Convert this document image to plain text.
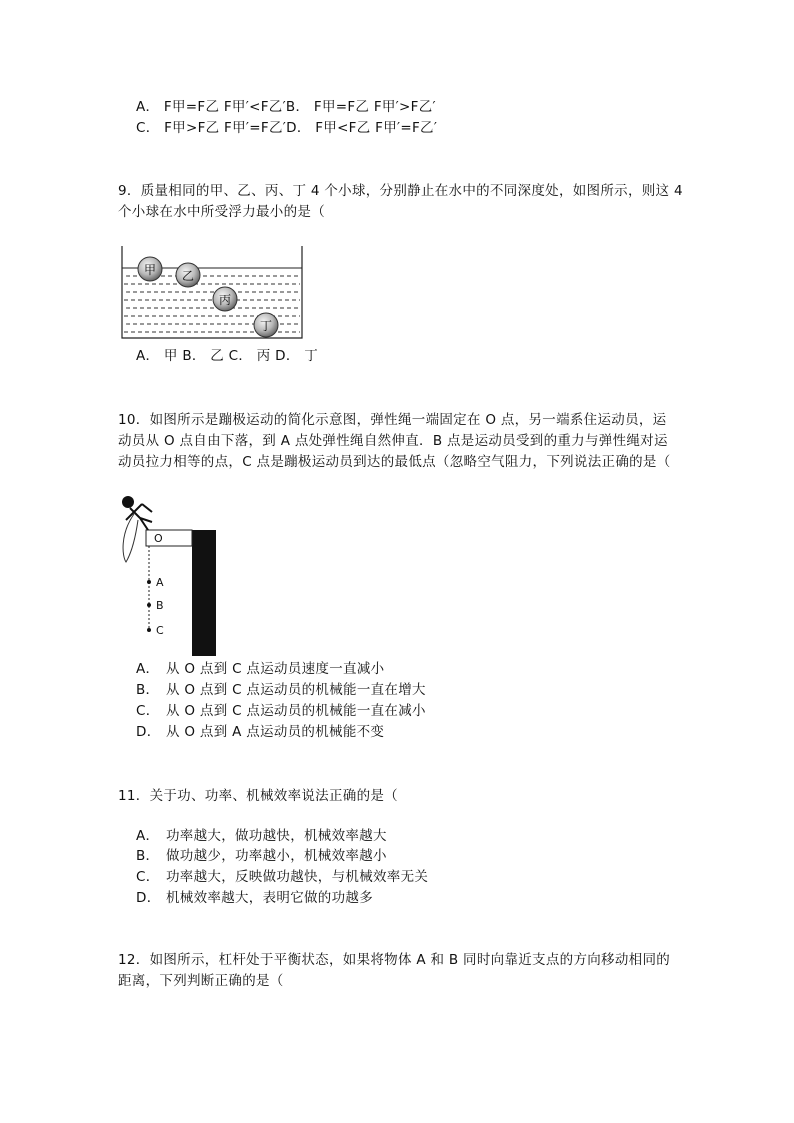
A． F甲=F乙 F甲′<F乙′B． F甲=F乙 F甲′>F乙′
C． F甲>F乙 F甲′=F乙′D． F甲<F乙 F甲′=F乙′
9．质量相同的甲、乙、丙、丁 4 个小球，分别静止在水中的不同深度处，如图所示，则这 4
个小球在水中所受浮力最小的是（
甲 乙
丙
丁
A． 甲 B． 乙 C． 丙 D． 丁
10．如图所示是蹦极运动的简化示意图，弹性绳一端固定在 O 点，另一端系住运动员，运
动员从 O 点自由下落，到 A 点处弹性绳自然伸直．B 点是运动员受到的重力与弹性绳对运
动员拉力相等的点，C 点是蹦极运动员到达的最低点（忽略空气阻力，下列说法正确的是（
O
A
B
C
A． 从 O 点到 C 点运动员速度一直减小
B． 从 O 点到 C 点运动员的机械能一直在增大
C． 从 O 点到 C 点运动员的机械能一直在减小
D． 从 O 点到 A 点运动员的机械能不变
11．关于功、功率、机械效率说法正确的是（
A． 功率越大，做功越快，机械效率越大
B． 做功越少，功率越小，机械效率越小
C． 功率越大，反映做功越快，与机械效率无关
D． 机械效率越大，表明它做的功越多
12．如图所示，杠杆处于平衡状态，如果将物体 A 和 B 同时向靠近支点的方向移动相同的
距离，下列判断正确的是（
